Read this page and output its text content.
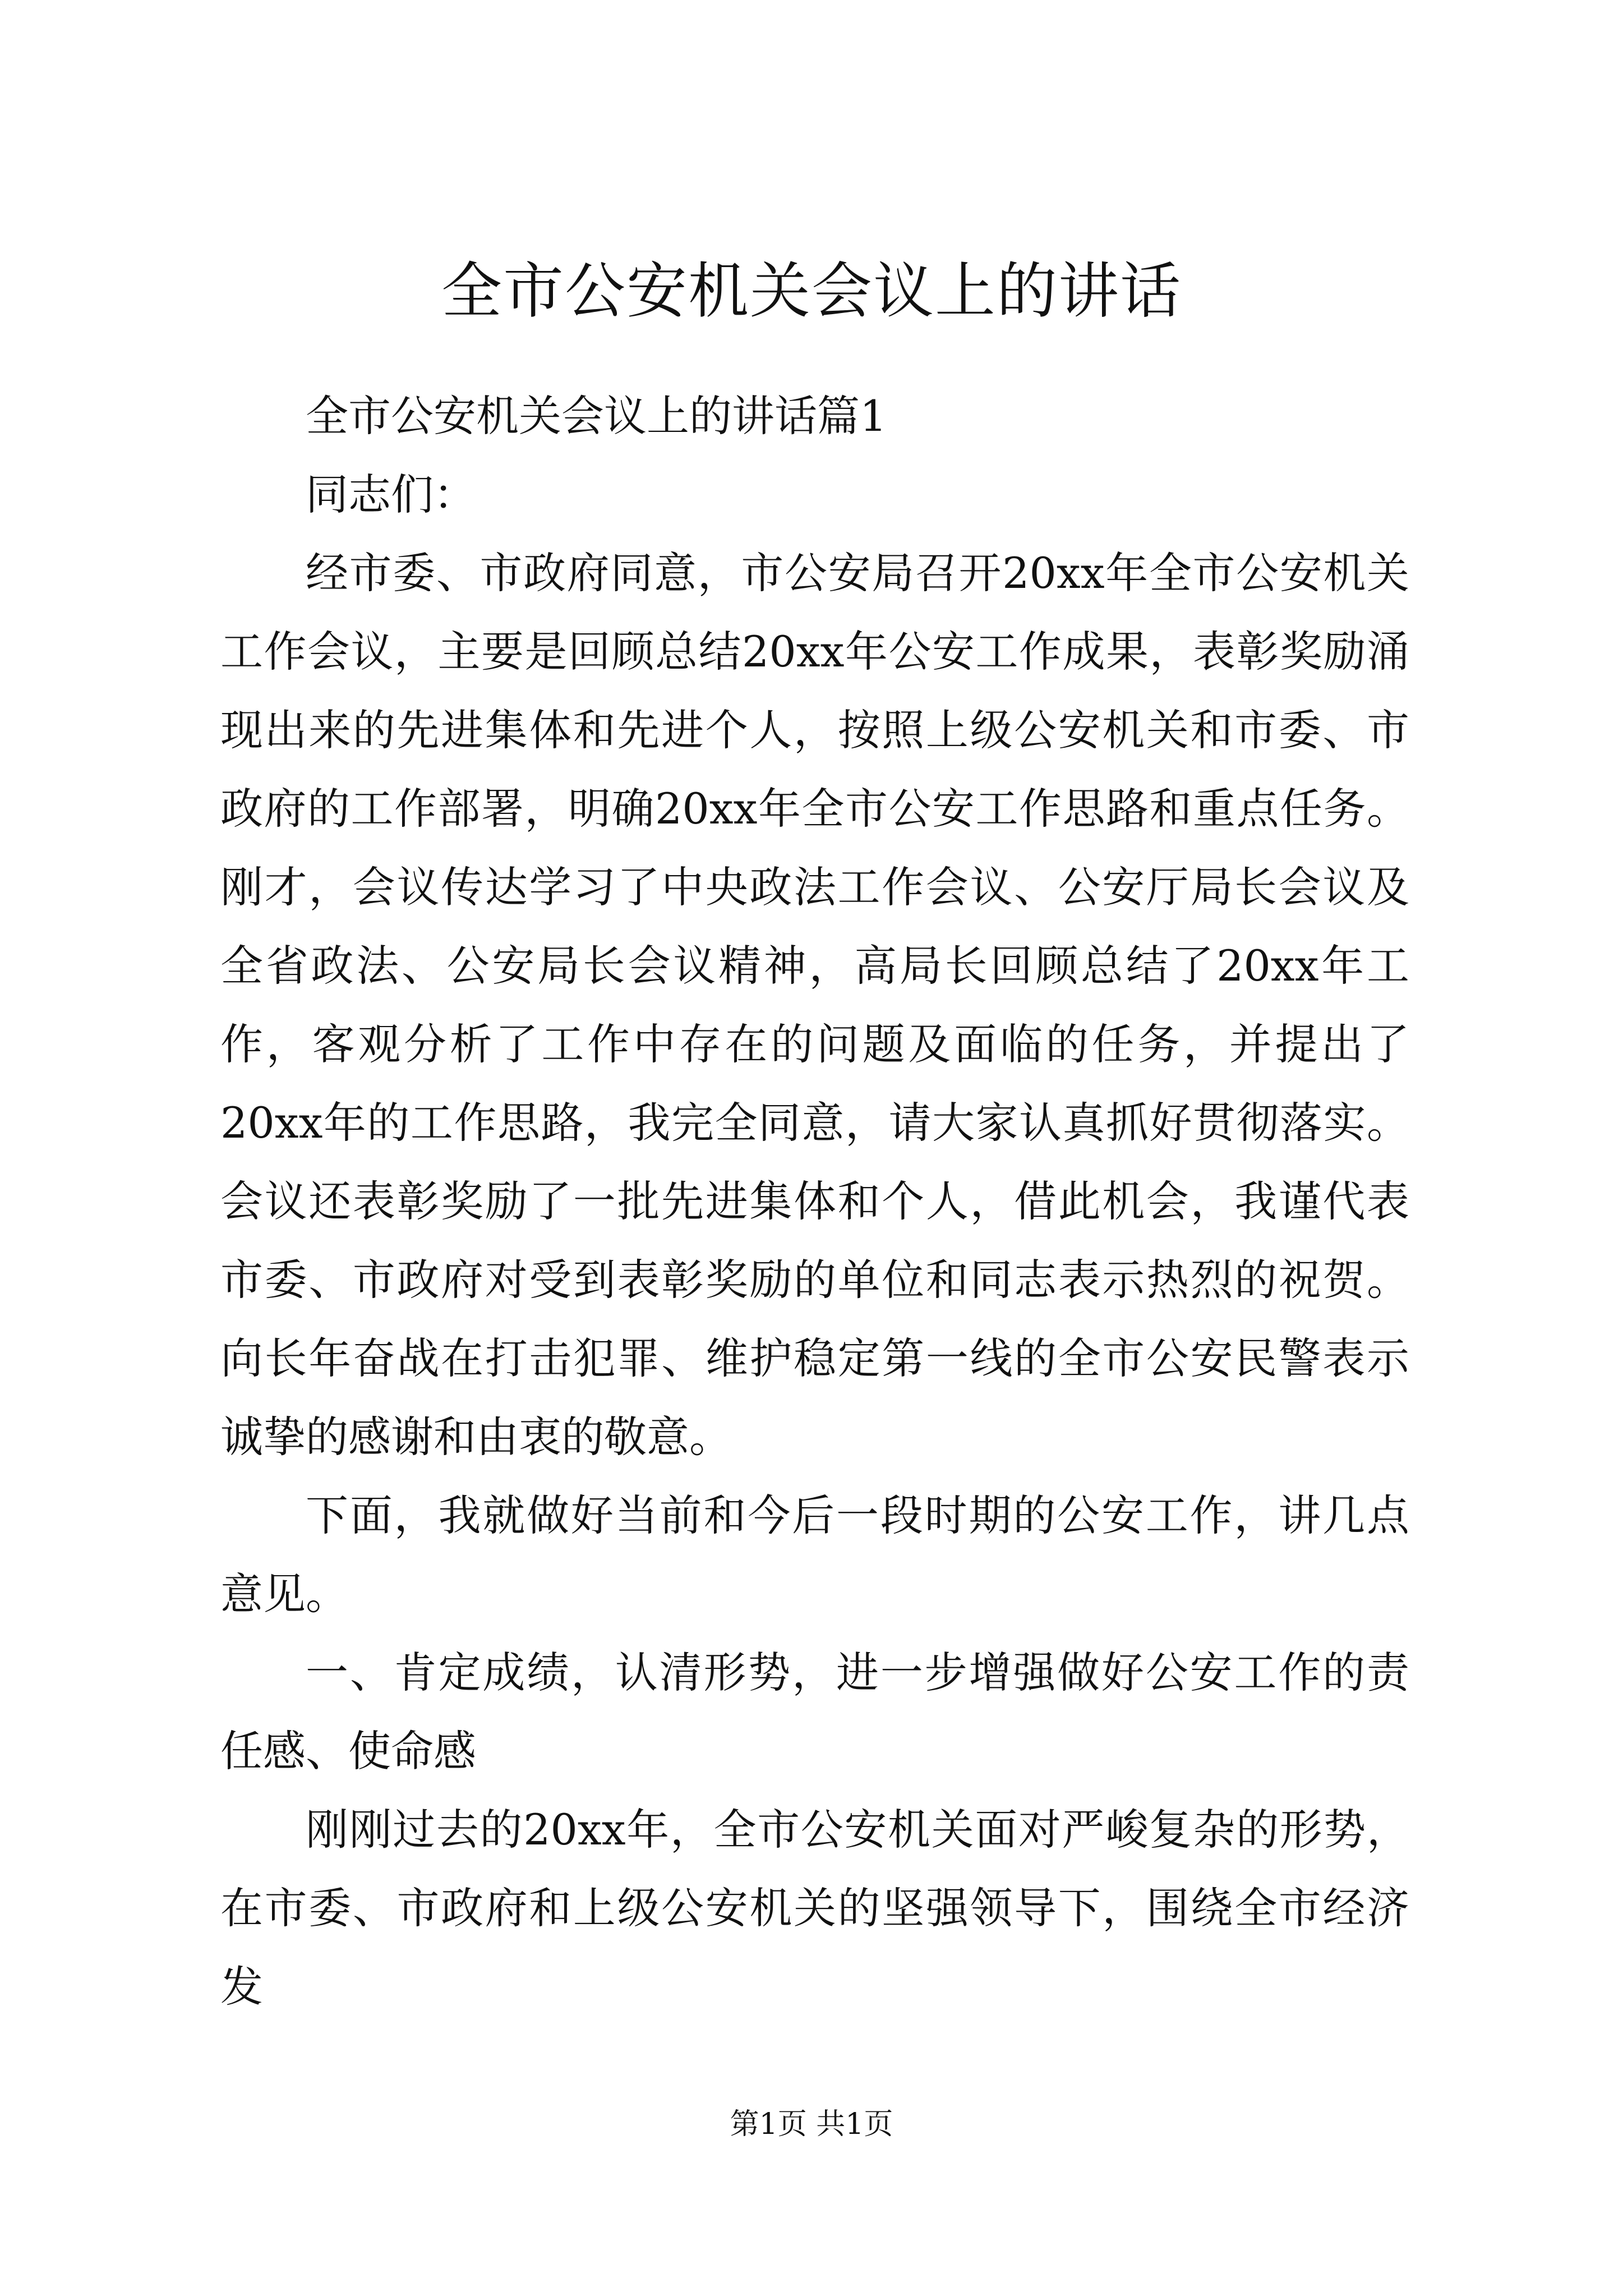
全市公安机关会议上的讲话

全市公安机关会议上的讲话篇1

同志们：

经市委、市政府同意，市公安局召开20xx年全市公安机关工作会议，主要是回顾总结20xx年公安工作成果，表彰奖励涌现出来的先进集体和先进个人，按照上级公安机关和市委、市政府的工作部署，明确20xx年全市公安工作思路和重点任务。刚才，会议传达学习了中央政法工作会议、公安厅局长会议及全省政法、公安局长会议精神，高局长回顾总结了20xx年工作，客观分析了工作中存在的问题及面临的任务，并提出了20xx年的工作思路，我完全同意，请大家认真抓好贯彻落实。会议还表彰奖励了一批先进集体和个人，借此机会，我谨代表市委、市政府对受到表彰奖励的单位和同志表示热烈的祝贺。向长年奋战在打击犯罪、维护稳定第一线的全市公安民警表示诚挚的感谢和由衷的敬意。

下面，我就做好当前和今后一段时期的公安工作，讲几点意见。

一、肯定成绩，认清形势，进一步增强做好公安工作的责任感、使命感

刚刚过去的20xx年，全市公安机关面对严峻复杂的形势，在市委、市政府和上级公安机关的坚强领导下，围绕全市经济发

第1页 共1页
